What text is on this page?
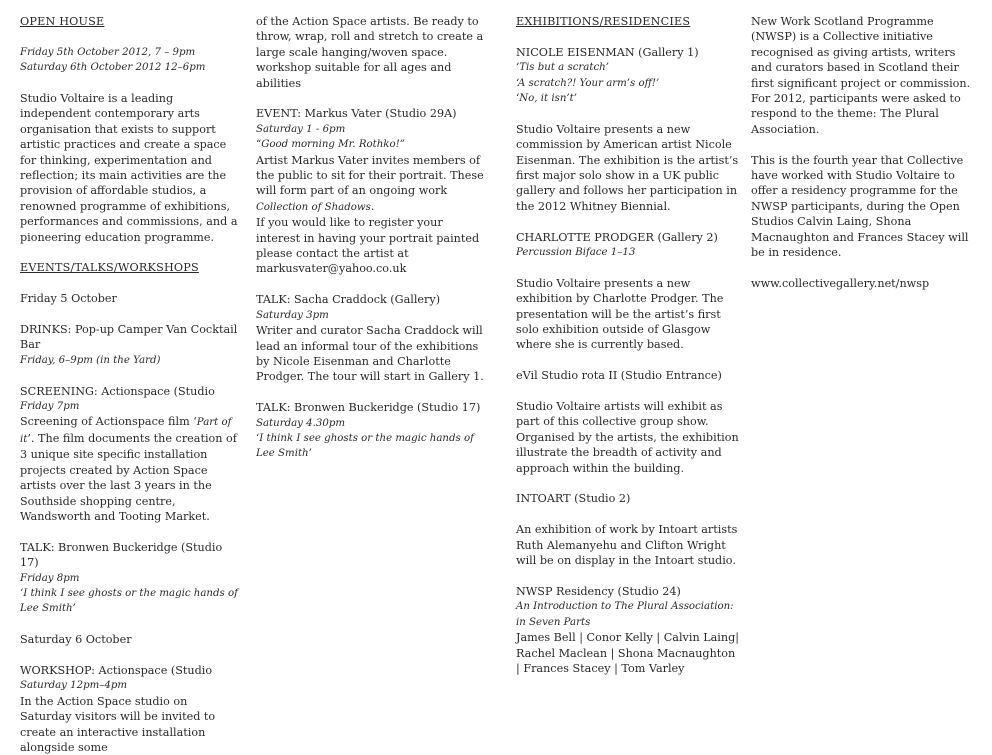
OPEN HOUSE

Friday 5th October 2012, 7 – 9pm

Saturday 6th October 2012 12–6pm

Studio Voltaire is a leading independent contemporary arts organisation that exists to support artistic practices and create a space for thinking, experimentation and reflection; its main activities are the provision of affordable studios, a renowned programme of exhibitions, performances and commissions, and a pioneering education programme.

EVENTS/TALKS/WORKSHOPS

Friday 5 October

DRINKS: Pop-up Camper Van Cocktail Bar

Friday, 6–9pm (in the Yard)

SCREENING: Actionspace (Studio

Friday 7pm

Screening of Actionspace film ‘Part of it’. The film documents the creation of 3 unique site specific installation projects created by Action Space artists over the last 3 years in the Southside shopping centre, Wandsworth and Tooting Market.

TALK: Bronwen Buckeridge (Studio 17)

Friday 8pm

‘I think I see ghosts or the magic hands of Lee Smith’

Saturday 6 October

WORKSHOP: Actionspace (Studio

Saturday 12pm–4pm

In the Action Space studio on Saturday visitors will be invited to create an interactive installation alongside some

of the Action Space artists. Be ready to throw, wrap, roll and stretch to create a large scale hanging/woven space. workshop suitable for all ages and abilities

EVENT: Markus Vater (Studio 29A)

Saturday 1 - 6pm

“Good morning Mr. Rothko!”

Artist Markus Vater invites members of the public to sit for their portrait. These will form part of an ongoing work Collection of Shadows.

If you would like to register your interest in having your portrait painted please contact the artist at markusvater@yahoo.co.uk

TALK: Sacha Craddock (Gallery)

Saturday 3pm

Writer and curator Sacha Craddock will lead an informal tour of the exhibitions by Nicole Eisenman and Charlotte Prodger. The tour will start in Gallery 1.

TALK: Bronwen Buckeridge (Studio 17)

Saturday 4.30pm

‘I think I see ghosts or the magic hands of Lee Smith’

EXHIBITIONS/RESIDENCIES

NICOLE EISENMAN (Gallery 1)

‘Tis but a scratch’

‘A scratch?! Your arm’s off!’

‘No, it isn’t’

Studio Voltaire presents a new commission by American artist Nicole Eisenman. The exhibition is the artist’s first major solo show in a UK public gallery and follows her participation in the 2012 Whitney Biennial.

CHARLOTTE PRODGER (Gallery 2)

Percussion Biface 1–13

Studio Voltaire presents a new exhibition by Charlotte Prodger. The presentation will be the artist’s first solo exhibition outside of Glasgow where she is currently based.

eVil Studio rota II (Studio Entrance)

Studio Voltaire artists will exhibit as part of this collective group show. Organised by the artists, the exhibition illustrate the breadth of activity and approach within the building.

INTOART (Studio 2)

An exhibition of work by Intoart artists Ruth Alemanyehu and Clifton Wright will be on display in the Intoart studio.

NWSP Residency (Studio 24)

An Introduction to The Plural Association: in Seven Parts

James Bell | Conor Kelly | Calvin Laing| Rachel Maclean | Shona Macnaughton | Frances Stacey | Tom Varley

New Work Scotland Programme (NWSP) is a Collective initiative recognised as giving artists, writers and curators based in Scotland their first significant project or commission. For 2012, participants were asked to respond to the theme: The Plural Association.

This is the fourth year that Collective have worked with Studio Voltaire to offer a residency programme for the NWSP participants, during the Open Studios Calvin Laing, Shona Macnaughton and Frances Stacey will be in residence.

www.collectivegallery.net/nwsp
